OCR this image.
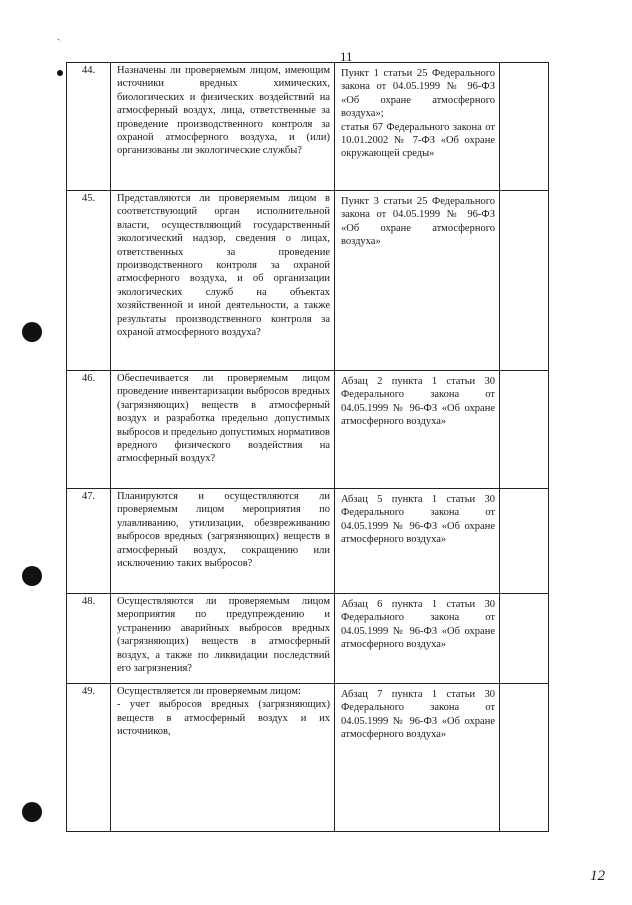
11
ˏ
44.	Назначены ли проверяемым лицом, имеющим источники вредных химических, биологических и физических воздействий на атмосферный воздух, лица, ответственные за проведение производственного контроля за охраной атмосферного воздуха, и (или) организованы ли экологические службы?	Пункт 1 статьи 25 Федерального закона от 04.05.1999 № 96-ФЗ «Об охране атмосферного воздуха»;
статья 67 Федерального закона от 10.01.2002 № 7-ФЗ «Об охране окружающей среды»	

45.	Представляются ли проверяемым лицом в соответствующий орган исполнительной власти, осуществляющий государственный экологический надзор, сведения о лицах, ответственных за проведение производственного контроля за охраной атмосферного воздуха, и об организации экологических служб на объектах хозяйственной и иной деятельности, а также результаты производственного контроля за охраной атмосферного воздуха?	Пункт 3 статьи 25 Федерального закона от 04.05.1999 № 96-ФЗ «Об охране атмосферного воздуха»	

46.	Обеспечивается ли проверяемым лицом проведение инвентаризации выбросов вредных (загрязняющих) веществ в атмосферный воздух и разработка предельно допустимых выбросов и предельно допустимых нормативов вредного физического воздействия на атмосферный воздух?	Абзац 2 пункта 1 статьи 30 Федерального закона от 04.05.1999 № 96-ФЗ «Об охране атмосферного воздуха»	

47.	Планируются и осуществляются ли проверяемым лицом мероприятия по улавливанию, утилизации, обезвреживанию выбросов вредных (загрязняющих) веществ в атмосферный воздух, сокращению или исключению таких выбросов?	Абзац 5 пункта 1 статьи 30 Федерального закона от 04.05.1999 № 96-ФЗ «Об охране атмосферного воздуха»	

48.	Осуществляются ли проверяемым лицом мероприятия по предупреждению и устранению аварийных выбросов вредных (загрязняющих) веществ в атмосферный воздух, а также по ликвидации последствий его загрязнения?	Абзац 6 пункта 1 статьи 30 Федерального закона от 04.05.1999 № 96-ФЗ «Об охране атмосферного воздуха»	

49.	Осуществляется ли проверяемым лицом:
- учет выбросов вредных (загрязняющих) веществ в атмосферный воздух и их источников,	Абзац 7 пункта 1 статьи 30 Федерального закона от 04.05.1999 № 96-ФЗ «Об охране атмосферного воздуха»	

12
